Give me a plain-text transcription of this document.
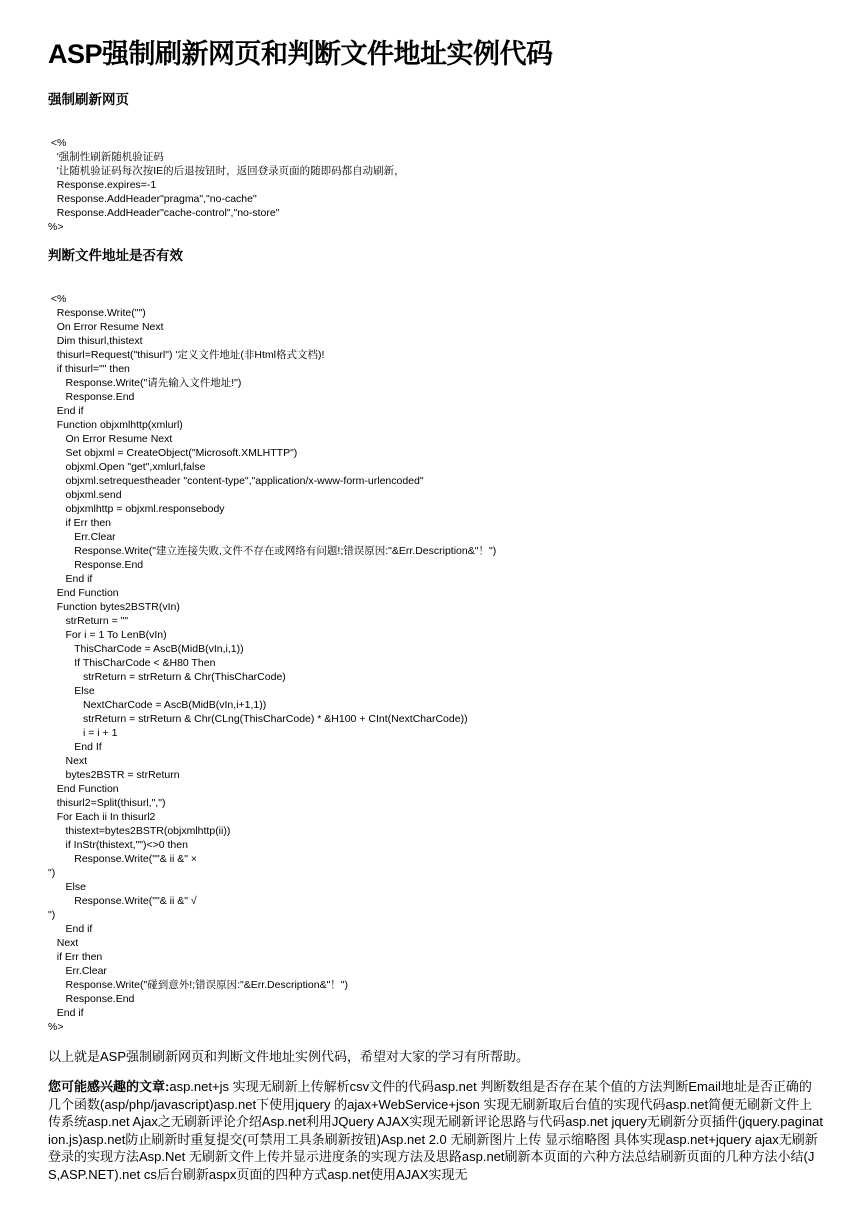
ASP强制刷新网页和判断文件地址实例代码
强制刷新网页
<%
'强制性刷新随机验证码
'让随机验证码每次按IE的后退按钮时，返回登录页面的随即码都自动刷新，
Response.expires=-1
Response.AddHeader"pragma","no-cache"
Response.AddHeader"cache-control","no-store"
%>
判断文件地址是否有效
<%
Response.Write("")
On Error Resume Next
Dim thisurl,thistext
thisurl=Request("thisurl") '定义文件地址(非Html格式文档)!
if thisurl="" then
Response.Write("请先输入文件地址!")
Response.End
End if
Function objxmlhttp(xmlurl)
On Error Resume Next
Set objxml = CreateObject("Microsoft.XMLHTTP")
objxml.Open "get",xmlurl,false
objxml.setrequestheader "content-type","application/x-www-form-urlencoded"
objxml.send
objxmlhttp = objxml.responsebody
if Err then
Err.Clear
Response.Write("建立连接失败,文件不存在或网络有问题!;错误原因:"&Err.Description&"！")
Response.End
End if
End Function
Function bytes2BSTR(vIn)
strReturn = ""
For i = 1 To LenB(vIn)
ThisCharCode = AscB(MidB(vIn,i,1))
If ThisCharCode < &H80 Then
strReturn = strReturn & Chr(ThisCharCode)
Else
NextCharCode = AscB(MidB(vIn,i+1,1))
strReturn = strReturn & Chr(CLng(ThisCharCode) * &H100 + CInt(NextCharCode))
i = i + 1
End If
Next
bytes2BSTR = strReturn
End Function
thisurl2=Split(thisurl,",")
For Each ii In thisurl2
thistext=bytes2BSTR(objxmlhttp(ii))
if InStr(thistext,"")<>0 then
Response.Write(""& ii &" ×
")
Else
Response.Write(""& ii &" √
")
End if
Next
if Err then
Err.Clear
Response.Write("碰到意外!;错误原因:"&Err.Description&"！")
Response.End
End if
%>
以上就是ASP强制刷新网页和判断文件地址实例代码，希望对大家的学习有所帮助。
您可能感兴趣的文章:asp.net+js 实现无刷新上传解析csv文件的代码asp.net 判断数组是否存在某个值的方法判断Email地址是否正确的几个函数(asp/php/javascript)asp.net下使用jquery 的ajax+WebService+json 实现无刷新取后台值的实现代码asp.net简便无刷新文件上传系统asp.net Ajax之无刷新评论介绍Asp.net利用JQuery AJAX实现无刷新评论思路与代码asp.net jquery无刷新分页插件(jquery.pagination.js)asp.net防止刷新时重复提交(可禁用工具条刷新按钮)Asp.net 2.0 无刷新图片上传 显示缩略图 具体实现asp.net+jquery ajax无刷新登录的实现方法Asp.Net 无刷新文件上传并显示进度条的实现方法及思路asp.net刷新本页面的六种方法总结刷新页面的几种方法小结(JS,ASP.NET).net cs后台刷新aspx页面的四种方式asp.net使用AJAX实现无
